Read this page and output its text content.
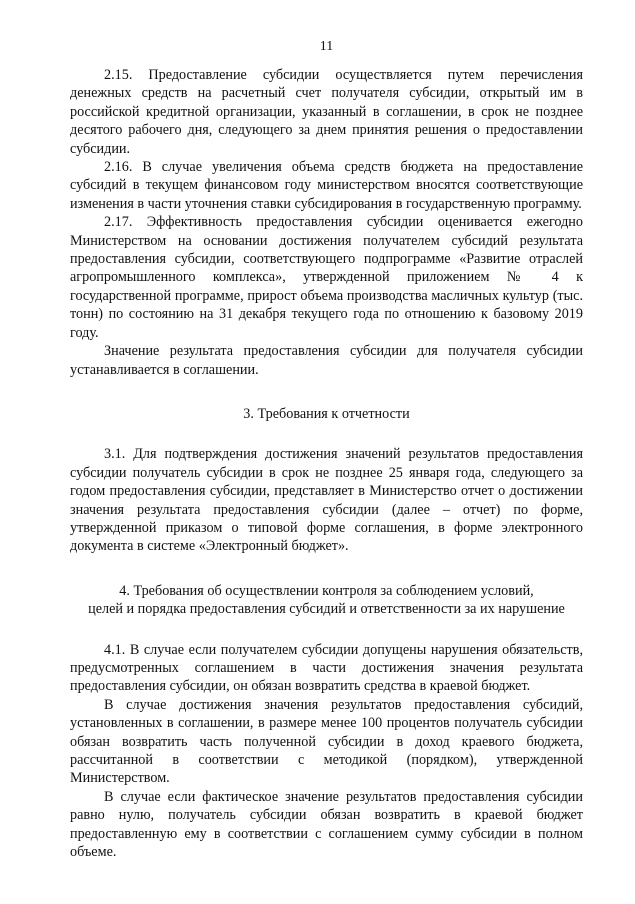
11

2.15. Предоставление субсидии осуществляется путем перечисления денежных средств на расчетный счет получателя субсидии, открытый им в российской кредитной организации, указанный в соглашении, в срок не позднее десятого рабочего дня, следующего за днем принятия решения о предоставлении субсидии.

2.16. В случае увеличения объема средств бюджета на предоставление субсидий в текущем финансовом году министерством вносятся соответствующие изменения в части уточнения ставки субсидирования в государственную программу.

2.17. Эффективность предоставления субсидии оценивается ежегодно Министерством на основании достижения получателем субсидий результата предоставления субсидии, соответствующего подпрограмме «Развитие отраслей агропромышленного комплекса», утвержденной приложением № 4 к государственной программе, прирост объема производства масличных культур (тыс. тонн) по состоянию на 31 декабря текущего года по отношению к базовому 2019 году.

Значение результата предоставления субсидии для получателя субсидии устанавливается в соглашении.

3. Требования к отчетности

3.1. Для подтверждения достижения значений результатов предоставления субсидии получатель субсидии в срок не позднее 25 января года, следующего за годом предоставления субсидии, представляет в Министерство отчет о достижении значения результата предоставления субсидии (далее – отчет) по форме, утвержденной приказом о типовой форме соглашения, в форме электронного документа в системе «Электронный бюджет».

4. Требования об осуществлении контроля за соблюдением условий,

целей и порядка предоставления субсидий и ответственности за их нарушение

4.1. В случае если получателем субсидии допущены нарушения обязательств, предусмотренных соглашением в части достижения значения результата предоставления субсидии, он обязан возвратить средства в краевой бюджет.

В случае достижения значения результатов предоставления субсидий, установленных в соглашении, в размере менее 100 процентов получатель субсидии обязан возвратить часть полученной субсидии в доход краевого бюджета, рассчитанной в соответствии с методикой (порядком), утвержденной Министерством.

В случае если фактическое значение результатов предоставления субсидии равно нулю, получатель субсидии обязан возвратить в краевой бюджет предоставленную ему в соответствии с соглашением сумму субсидии в полном объеме.
